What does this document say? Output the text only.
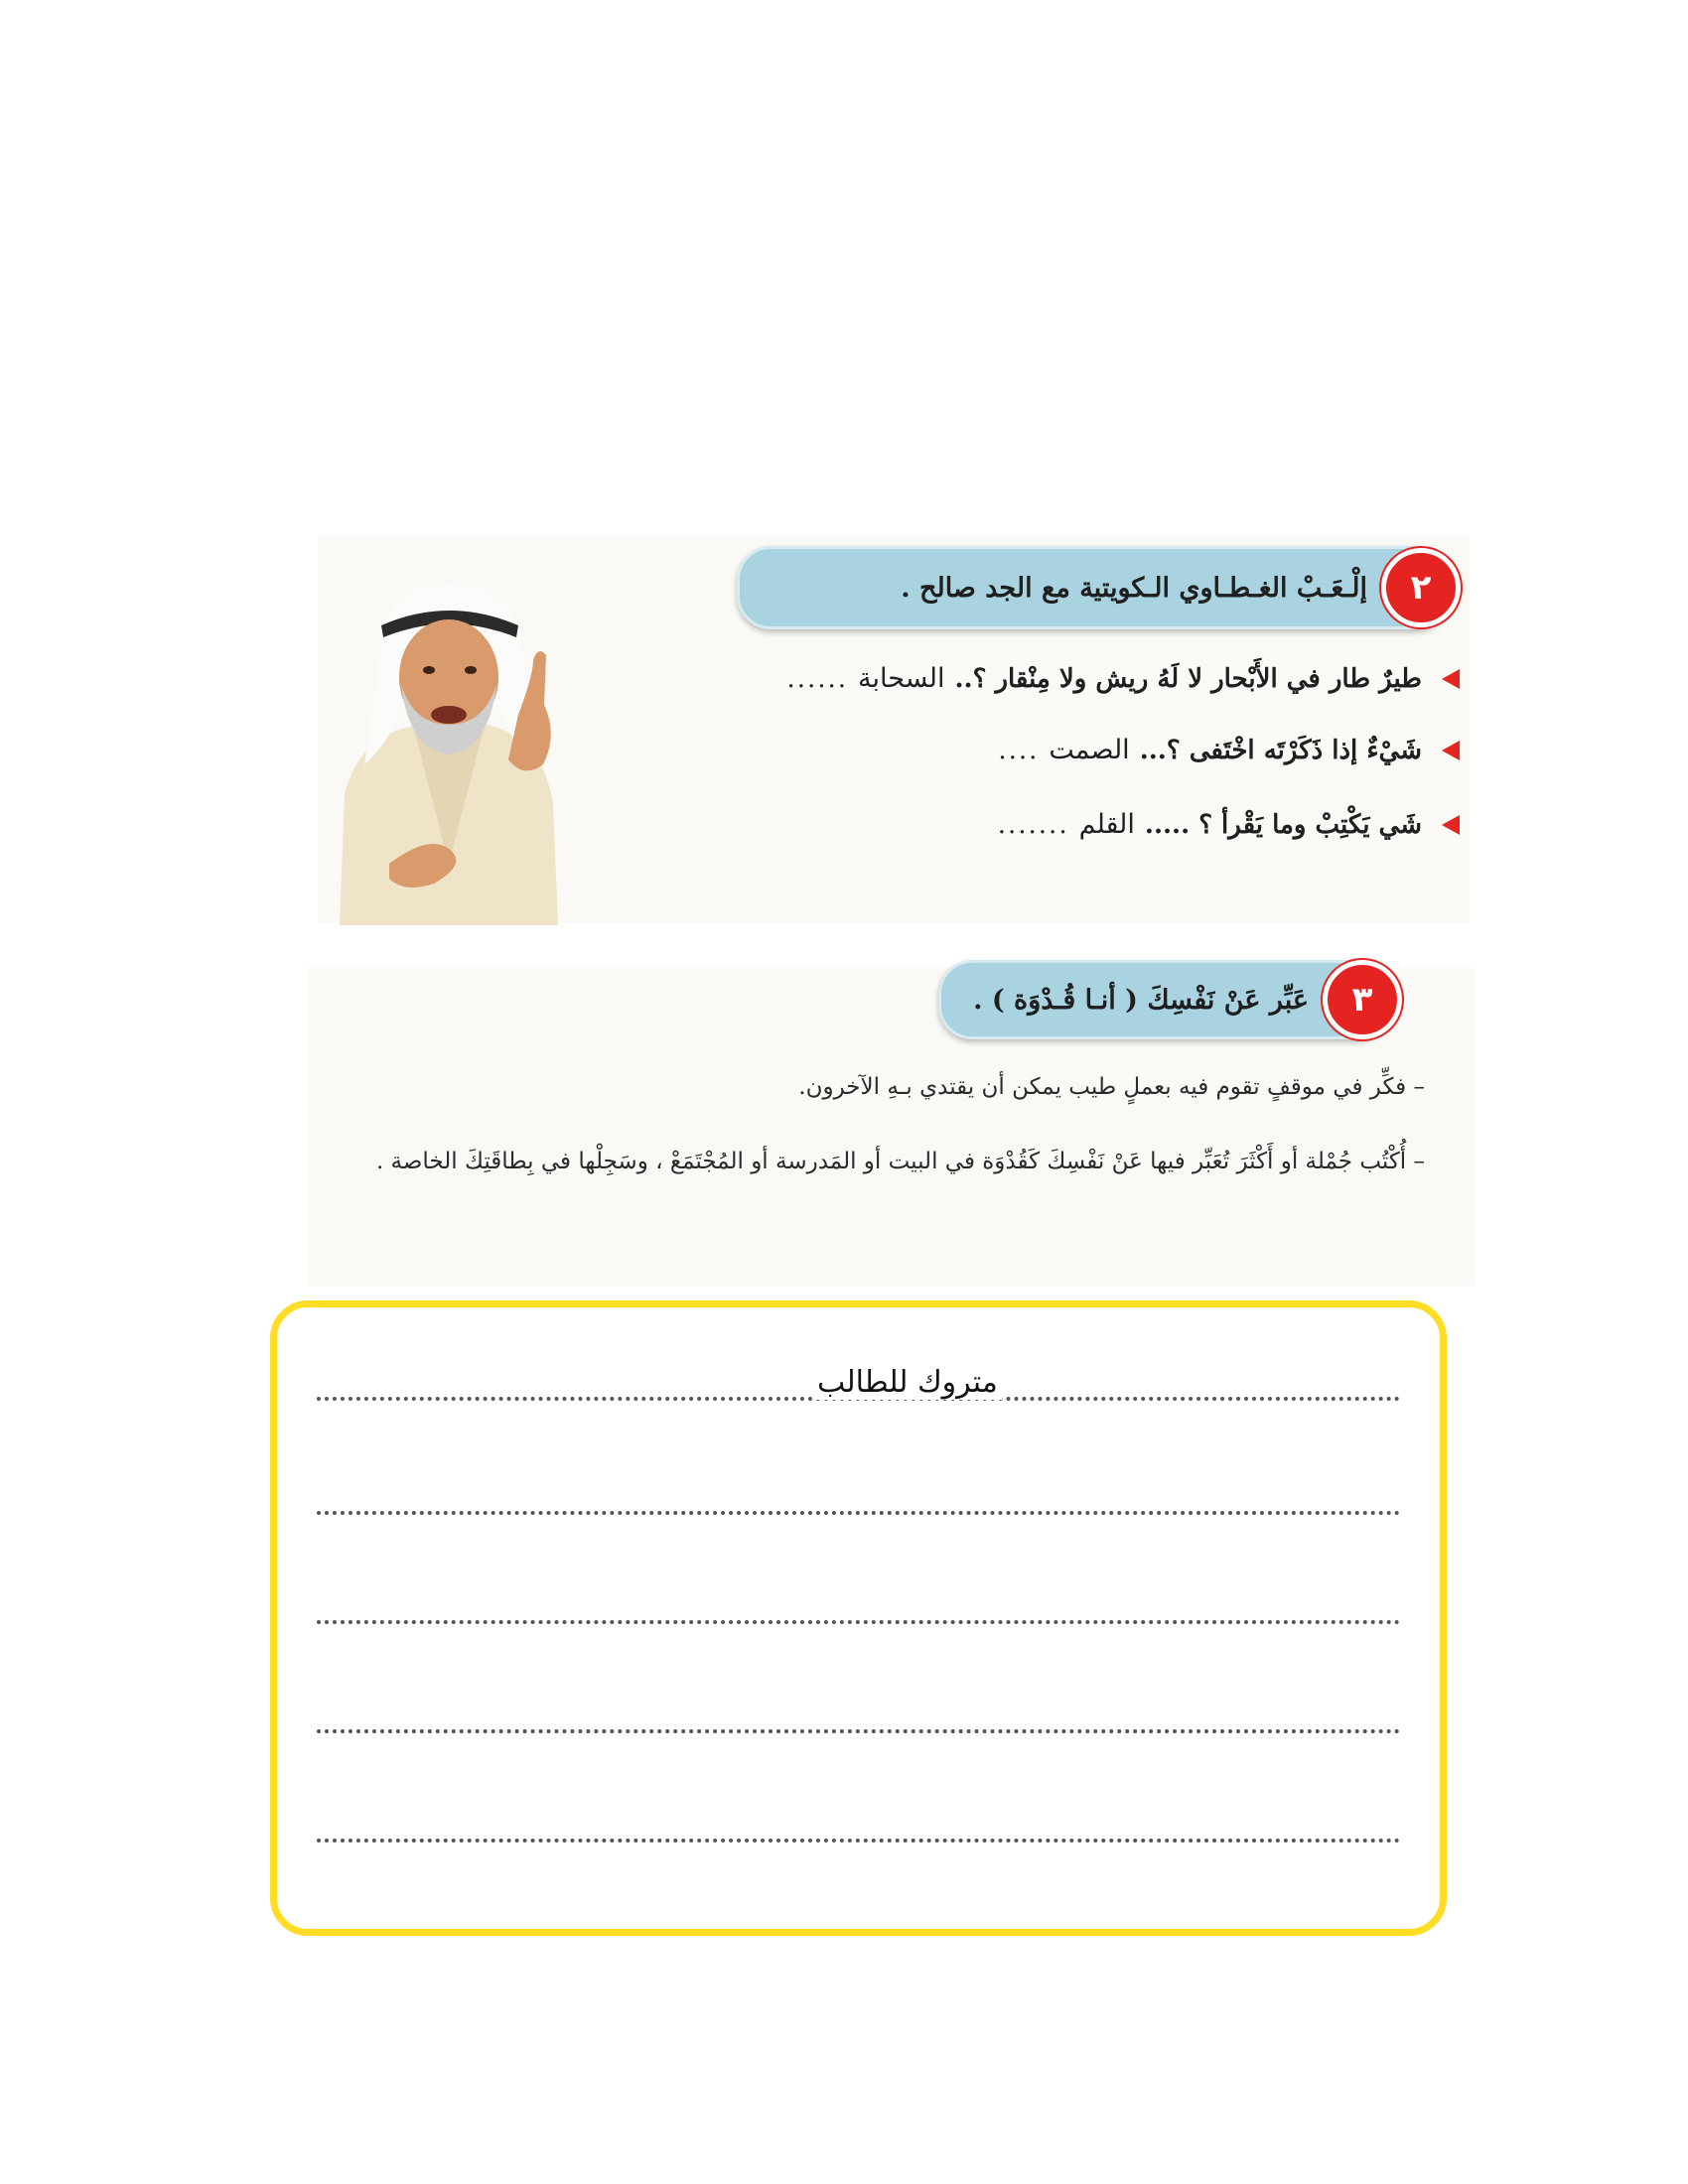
٢
إلْـعَـبْ الغـطـاوي الـكويتية مع الجد صالح .
طيرٌ طار في الأَبْحار لا لَهُ ريش ولا مِنْقار ؟..
السحابة
......
شَيْءٌ إذا ذَكَرْتَه اخْتَفى ؟...
الصمت
....
شَي يَكْتِبْ وما يَقْرأ ؟ .....
القلم
.......
٣
عَبِّر عَنْ نَفْسِكَ ( أنـا قُـدْوَة ) .
– فكِّر في موقفٍ تقوم فيه بعملٍ طيب يمكن أن يقتدي بـهِ الآخرون.
– أُكْتُب جُمْلة أو أَكْثَرَ تُعَبِّر فيها عَنْ نَفْسِكَ كَقُدْوَة في البيت أو المَدرسة أو المُجْتَمَعْ ، وسَجِلْها في بِطاقَتِكَ الخاصة .
متروك للطالب
